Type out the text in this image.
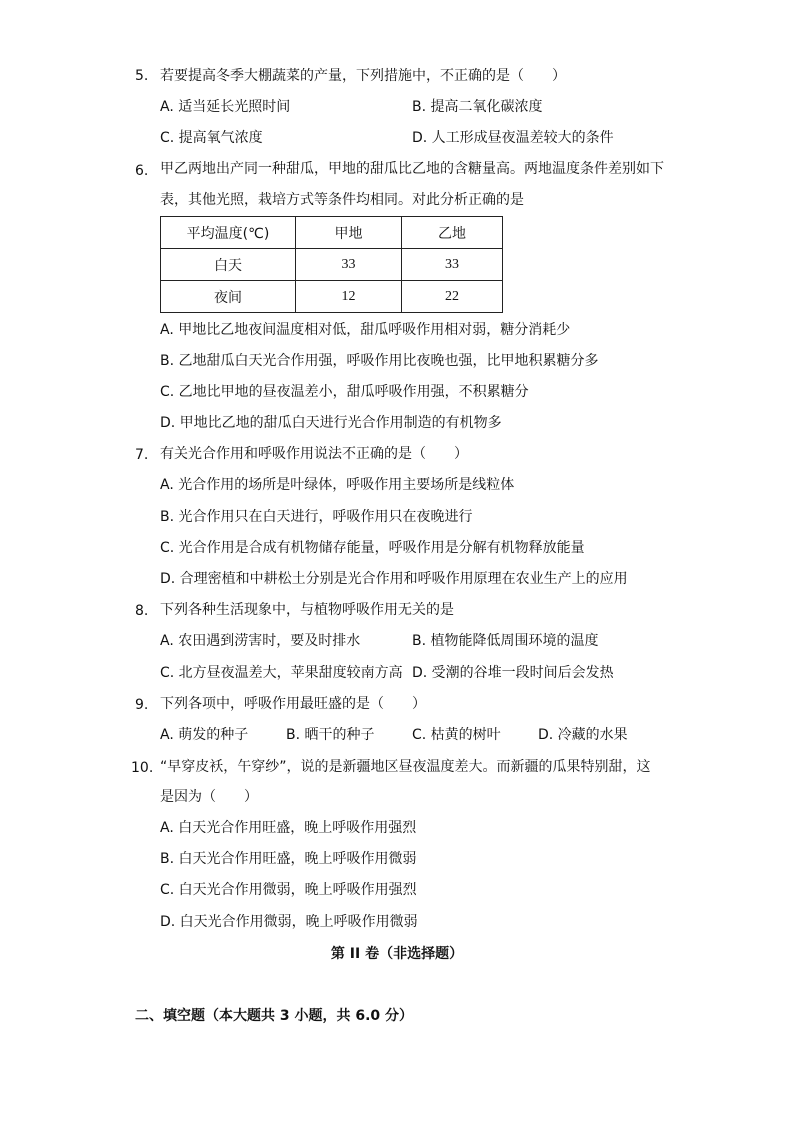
5. 若要提高冬季大棚蔬菜的产量，下列措施中，不正确的是（　　）
A. 适当延长光照时间	B. 提高二氧化碳浓度
C. 提高氧气浓度	D. 人工形成昼夜温差较大的条件
6. 甲乙两地出产同一种甜瓜，甲地的甜瓜比乙地的含糖量高。两地温度条件差别如下
表，其他光照，栽培方式等条件均相同。对此分析正确的是
平均温度(℃)	甲地	乙地
白天	33	33
夜间	12	22
A. 甲地比乙地夜间温度相对低，甜瓜呼吸作用相对弱，糖分消耗少
B. 乙地甜瓜白天光合作用强，呼吸作用比夜晚也强，比甲地积累糖分多
C. 乙地比甲地的昼夜温差小，甜瓜呼吸作用强，不积累糖分
D. 甲地比乙地的甜瓜白天进行光合作用制造的有机物多
7. 有关光合作用和呼吸作用说法不正确的是（　　）
A. 光合作用的场所是叶绿体，呼吸作用主要场所是线粒体
B. 光合作用只在白天进行，呼吸作用只在夜晚进行
C. 光合作用是合成有机物储存能量，呼吸作用是分解有机物释放能量
D. 合理密植和中耕松土分别是光合作用和呼吸作用原理在农业生产上的应用
8. 下列各种生活现象中，与植物呼吸作用无关的是
A. 农田遇到涝害时，要及时排水	B. 植物能降低周围环境的温度
C. 北方昼夜温差大，苹果甜度较南方高 D. 受潮的谷堆一段时间后会发热
9. 下列各项中，呼吸作用最旺盛的是（　　）
A. 萌发的种子	B. 晒干的种子	C. 枯黄的树叶	D. 冷藏的水果
10. “早穿皮袄，午穿纱”，说的是新疆地区昼夜温度差大。而新疆的瓜果特别甜，这
是因为（　　）
A. 白天光合作用旺盛，晚上呼吸作用强烈
B. 白天光合作用旺盛，晚上呼吸作用微弱
C. 白天光合作用微弱，晚上呼吸作用强烈
D. 白天光合作用微弱，晚上呼吸作用微弱
第 II 卷（非选择题）
二、填空题（本大题共 3 小题，共 6.0 分）
